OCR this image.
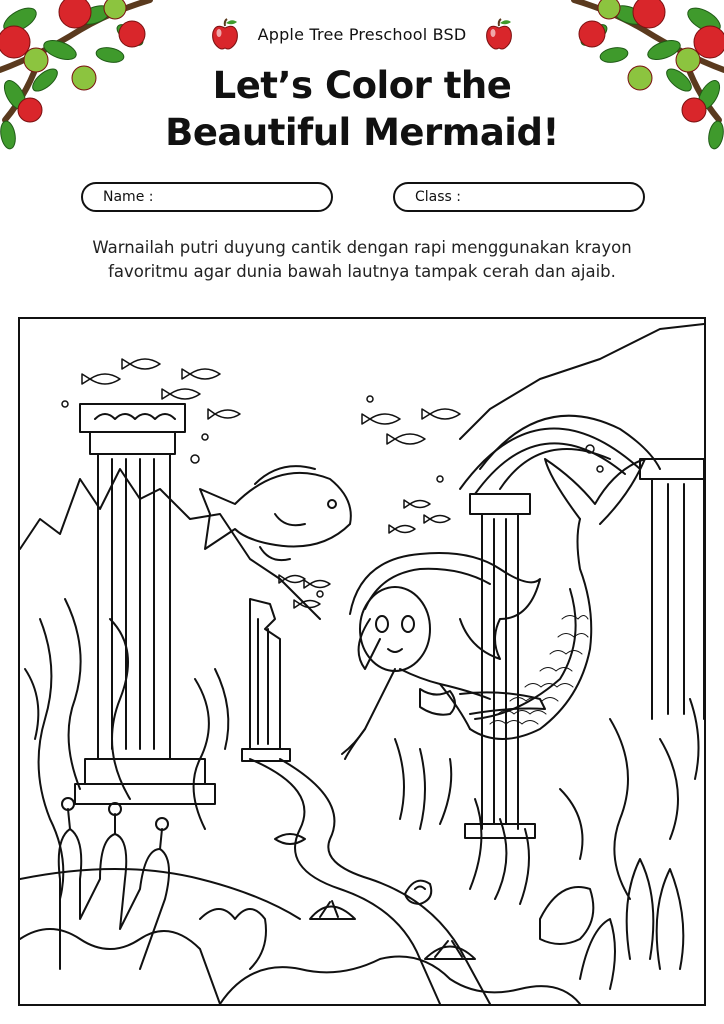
Apple Tree Preschool BSD
Let’s Color the
Beautiful Mermaid!
Name :	Class :
Warnailah putri duyung cantik dengan rapi menggunakan krayon favoritmu agar dunia bawah lautnya tampak cerah dan ajaib.
